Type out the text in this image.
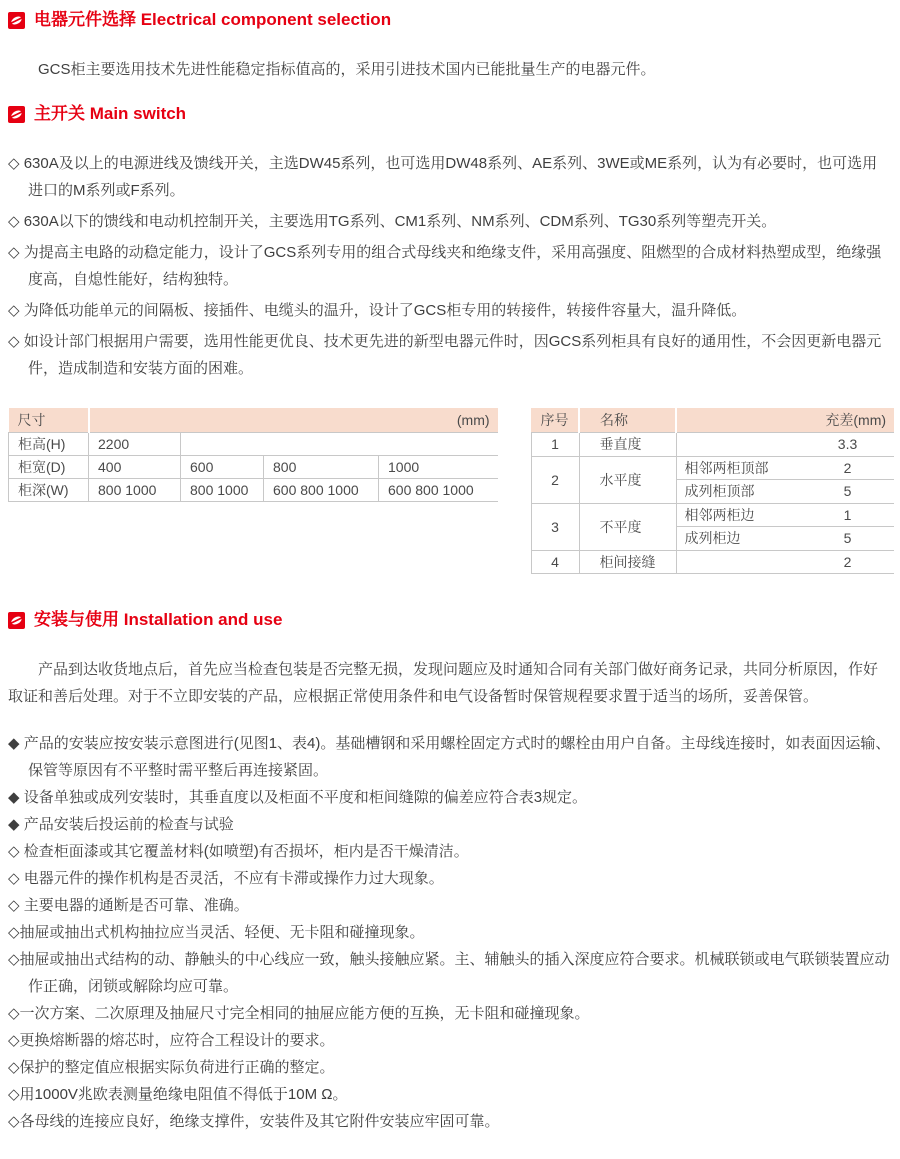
电器元件选择 Electrical component selection

GCS柜主要选用技术先进性能稳定指标值高的，采用引进技术国内已能批量生产的电器元件。

主开关 Main switch
◇ 630A及以上的电源进线及馈线开关，主选DW45系列，也可选用DW48系列、AE系列、3WE或ME系列，认为有必要时，也可选用进口的M系列或F系列。
◇ 630A以下的馈线和电动机控制开关，主要选用TG系列、CM1系列、NM系列、CDM系列、TG30系列等塑壳开关。
◇ 为提高主电路的动稳定能力，设计了GCS系列专用的组合式母线夹和绝缘支件，采用高强度、阻燃型的合成材料热塑成型，绝缘强度高，自熄性能好，结构独特。
◇ 为降低功能单元的间隔板、接插件、电缆头的温升，设计了GCS柜专用的转接件，转接件容量大，温升降低。
◇ 如设计部门根据用户需要，选用性能更优良、技术更先进的新型电器元件时，因GCS系列柜具有良好的通用性，不会因更新电器元件，造成制造和安装方面的困难。
尺寸	(mm)			
柜高(H)	2200			
柜宽(D)	400	600	800	1000
柜深(W)	800 1000	800 1000	600 800 1000	600 800 1000
序号	名称	充差(mm)	
1	垂直度		3.3
2	水平度	相邻两柜顶部	2
		成列柜顶部	5
3	不平度	相邻两柜边	1
		成列柜边	5
4	柜间接缝		2
安装与使用 Installation and use

产品到达收货地点后，首先应当检查包装是否完整无损，发现问题应及时通知合同有关部门做好商务记录，共同分析原因，作好取证和善后处理。对于不立即安装的产品，应根据正常使用条件和电气设备暂时保管规程要求置于适当的场所，妥善保管。

◆ 产品的安装应按安装示意图进行(见图1、表4)。基础槽钢和采用螺栓固定方式时的螺栓由用户自备。主母线连接时，如表面因运输、保管等原因有不平整时需平整后再连接紧固。
◆ 设备单独或成列安装时，其垂直度以及柜面不平度和柜间缝隙的偏差应符合表3规定。
◆ 产品安装后投运前的检查与试验
◇ 检查柜面漆或其它覆盖材料(如喷塑)有否损坏，柜内是否干燥清洁。
◇ 电器元件的操作机构是否灵活，不应有卡滞或操作力过大现象。
◇ 主要电器的通断是否可靠、准确。
◇抽屉或抽出式机构抽拉应当灵活、轻便、无卡阻和碰撞现象。
◇抽屉或抽出式结构的动、静触头的中心线应一致，触头接触应紧。主、辅触头的插入深度应符合要求。机械联锁或电气联锁装置应动作正确，闭锁或解除均应可靠。
◇一次方案、二次原理及抽屉尺寸完全相同的抽屉应能方便的互换，无卡阻和碰撞现象。
◇更换熔断器的熔芯时，应符合工程设计的要求。
◇保护的整定值应根据实际负荷进行正确的整定。
◇用1000V兆欧表测量绝缘电阻值不得低于10M Ω。
◇各母线的连接应良好，绝缘支撑件，安装件及其它附件安装应牢固可靠。
